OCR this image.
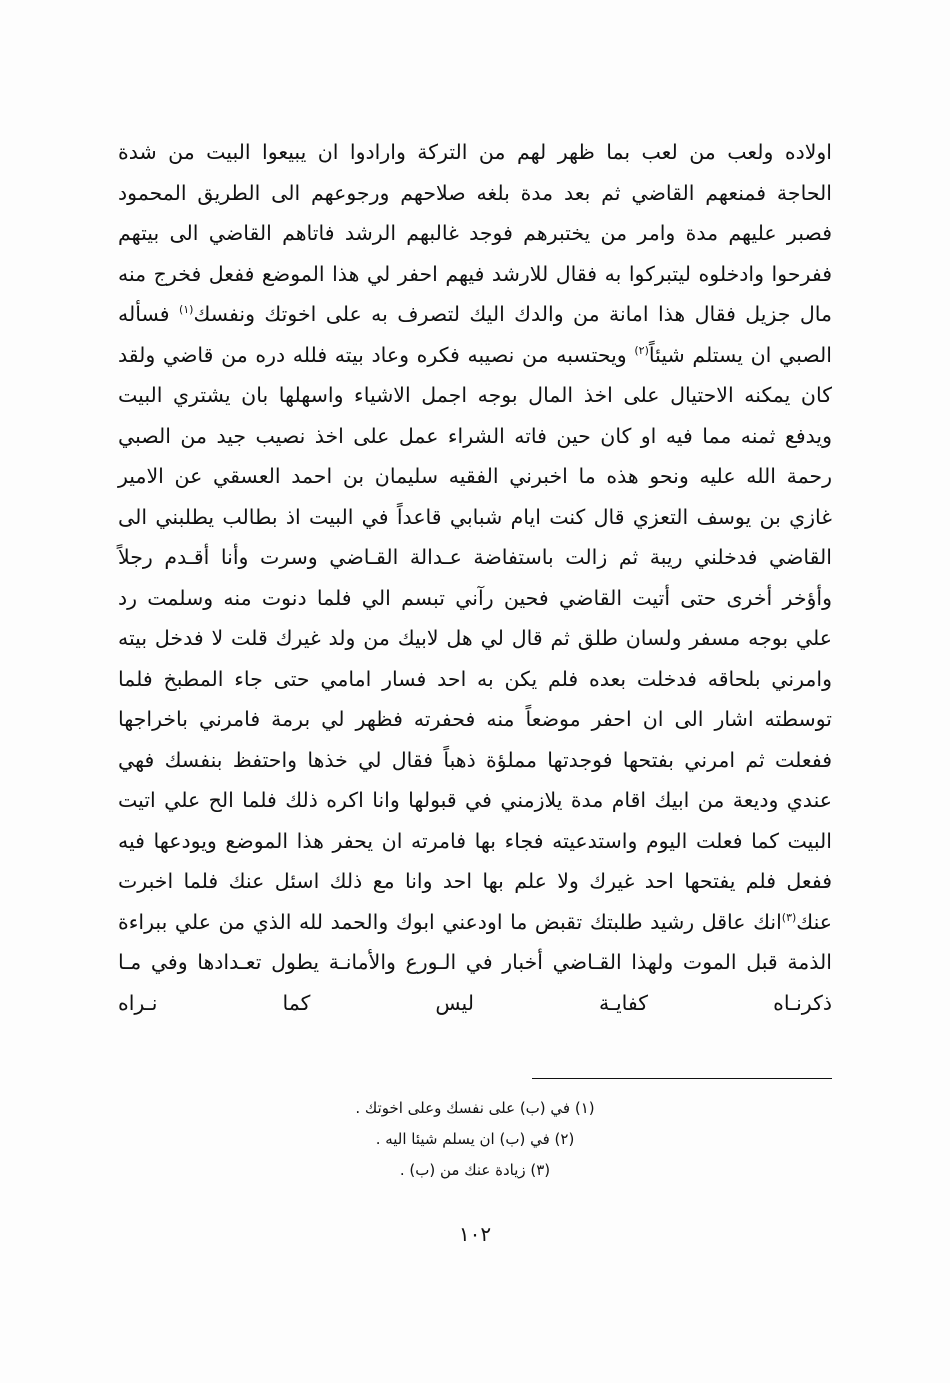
اولاده ولعب من لعب بما ظهر لهم من التركة وارادوا ان يبيعوا البيت من شدة الحاجة فمنعهم القاضي ثم بعد مدة بلغه صلاحهم ورجوعهم الى الطريق المحمود فصبر عليهم مدة وامر من يختبرهم فوجد غالبهم الرشد فاتاهم القاضي الى بيتهم ففرحوا وادخلوه ليتبركوا به فقال للارشد فيهم احفر لي هذا الموضع ففعل فخرج منه مال جزيل فقال هذا امانة من والدك اليك لتصرف به على اخوتك ونفسك$^{(١)}$ فسأله الصبي ان يستلم شيئاً$^{(٢)}$ ويحتسبه من نصيبه فكره وعاد بيته فلله دره من قاضي ولقد كان يمكنه الاحتيال على اخذ المال بوجه اجمل الاشياء واسهلها بان يشتري البيت ويدفع ثمنه مما فيه او كان حين فاته الشراء عمل على اخذ نصيب جيد من الصبي رحمة الله عليه ونحو هذه ما اخبرني الفقيه سليمان بن احمد العسقي عن الامير غازي بن يوسف التعزي قال كنت ايام شبابي قاعداً في البيت اذ بطالب يطلبني الى القاضي فدخلني ريبة ثم زالت باستفاضة عـدالة القـاضي وسرت وأنا أقـدم رجلاً وأؤخر أخرى حتى أتيت القاضي فحين رآني تبسم الي فلما دنوت منه وسلمت رد علي بوجه مسفر ولسان طلق ثم قال لي هل لابيك من ولد غيرك قلت لا فدخل بيته وامرني بلحاقه فدخلت بعده فلم يكن به احد فسار امامي حتى جاء المطبخ فلما توسطته اشار الى ان احفر موضعاً منه فحفرته فظهر لي برمة فامرني باخراجها ففعلت ثم امرني بفتحها فوجدتها مملؤة ذهباً فقال لي خذها واحتفظ بنفسك فهي عندي وديعة من ابيك اقام مدة يلازمني في قبولها وانا اكره ذلك فلما الح علي اتيت البيت كما فعلت اليوم واستدعيته فجاء بها فامرته ان يحفر هذا الموضع ويودعها فيه ففعل فلم يفتحها احد غيرك ولا علم بها احد وانا مع ذلك اسئل عنك فلما اخبرت عنك$^{(٣)}$انك عاقل رشيد طلبتك تقبض ما اودعني ابوك والحمد لله الذي من علي ببراءة الذمة قبل الموت ولهذا القـاضي أخبار في الـورع والأمانـة يطول تعـدادها وفي مـا ذكرنـاه كفايـة ليس كما نـراه

(١) في (ب) على نفسك وعلى اخوتك .
(٢) في (ب) ان يسلم شيئا اليه .
(٣) زيادة عنك من (ب) .
١٠٢
